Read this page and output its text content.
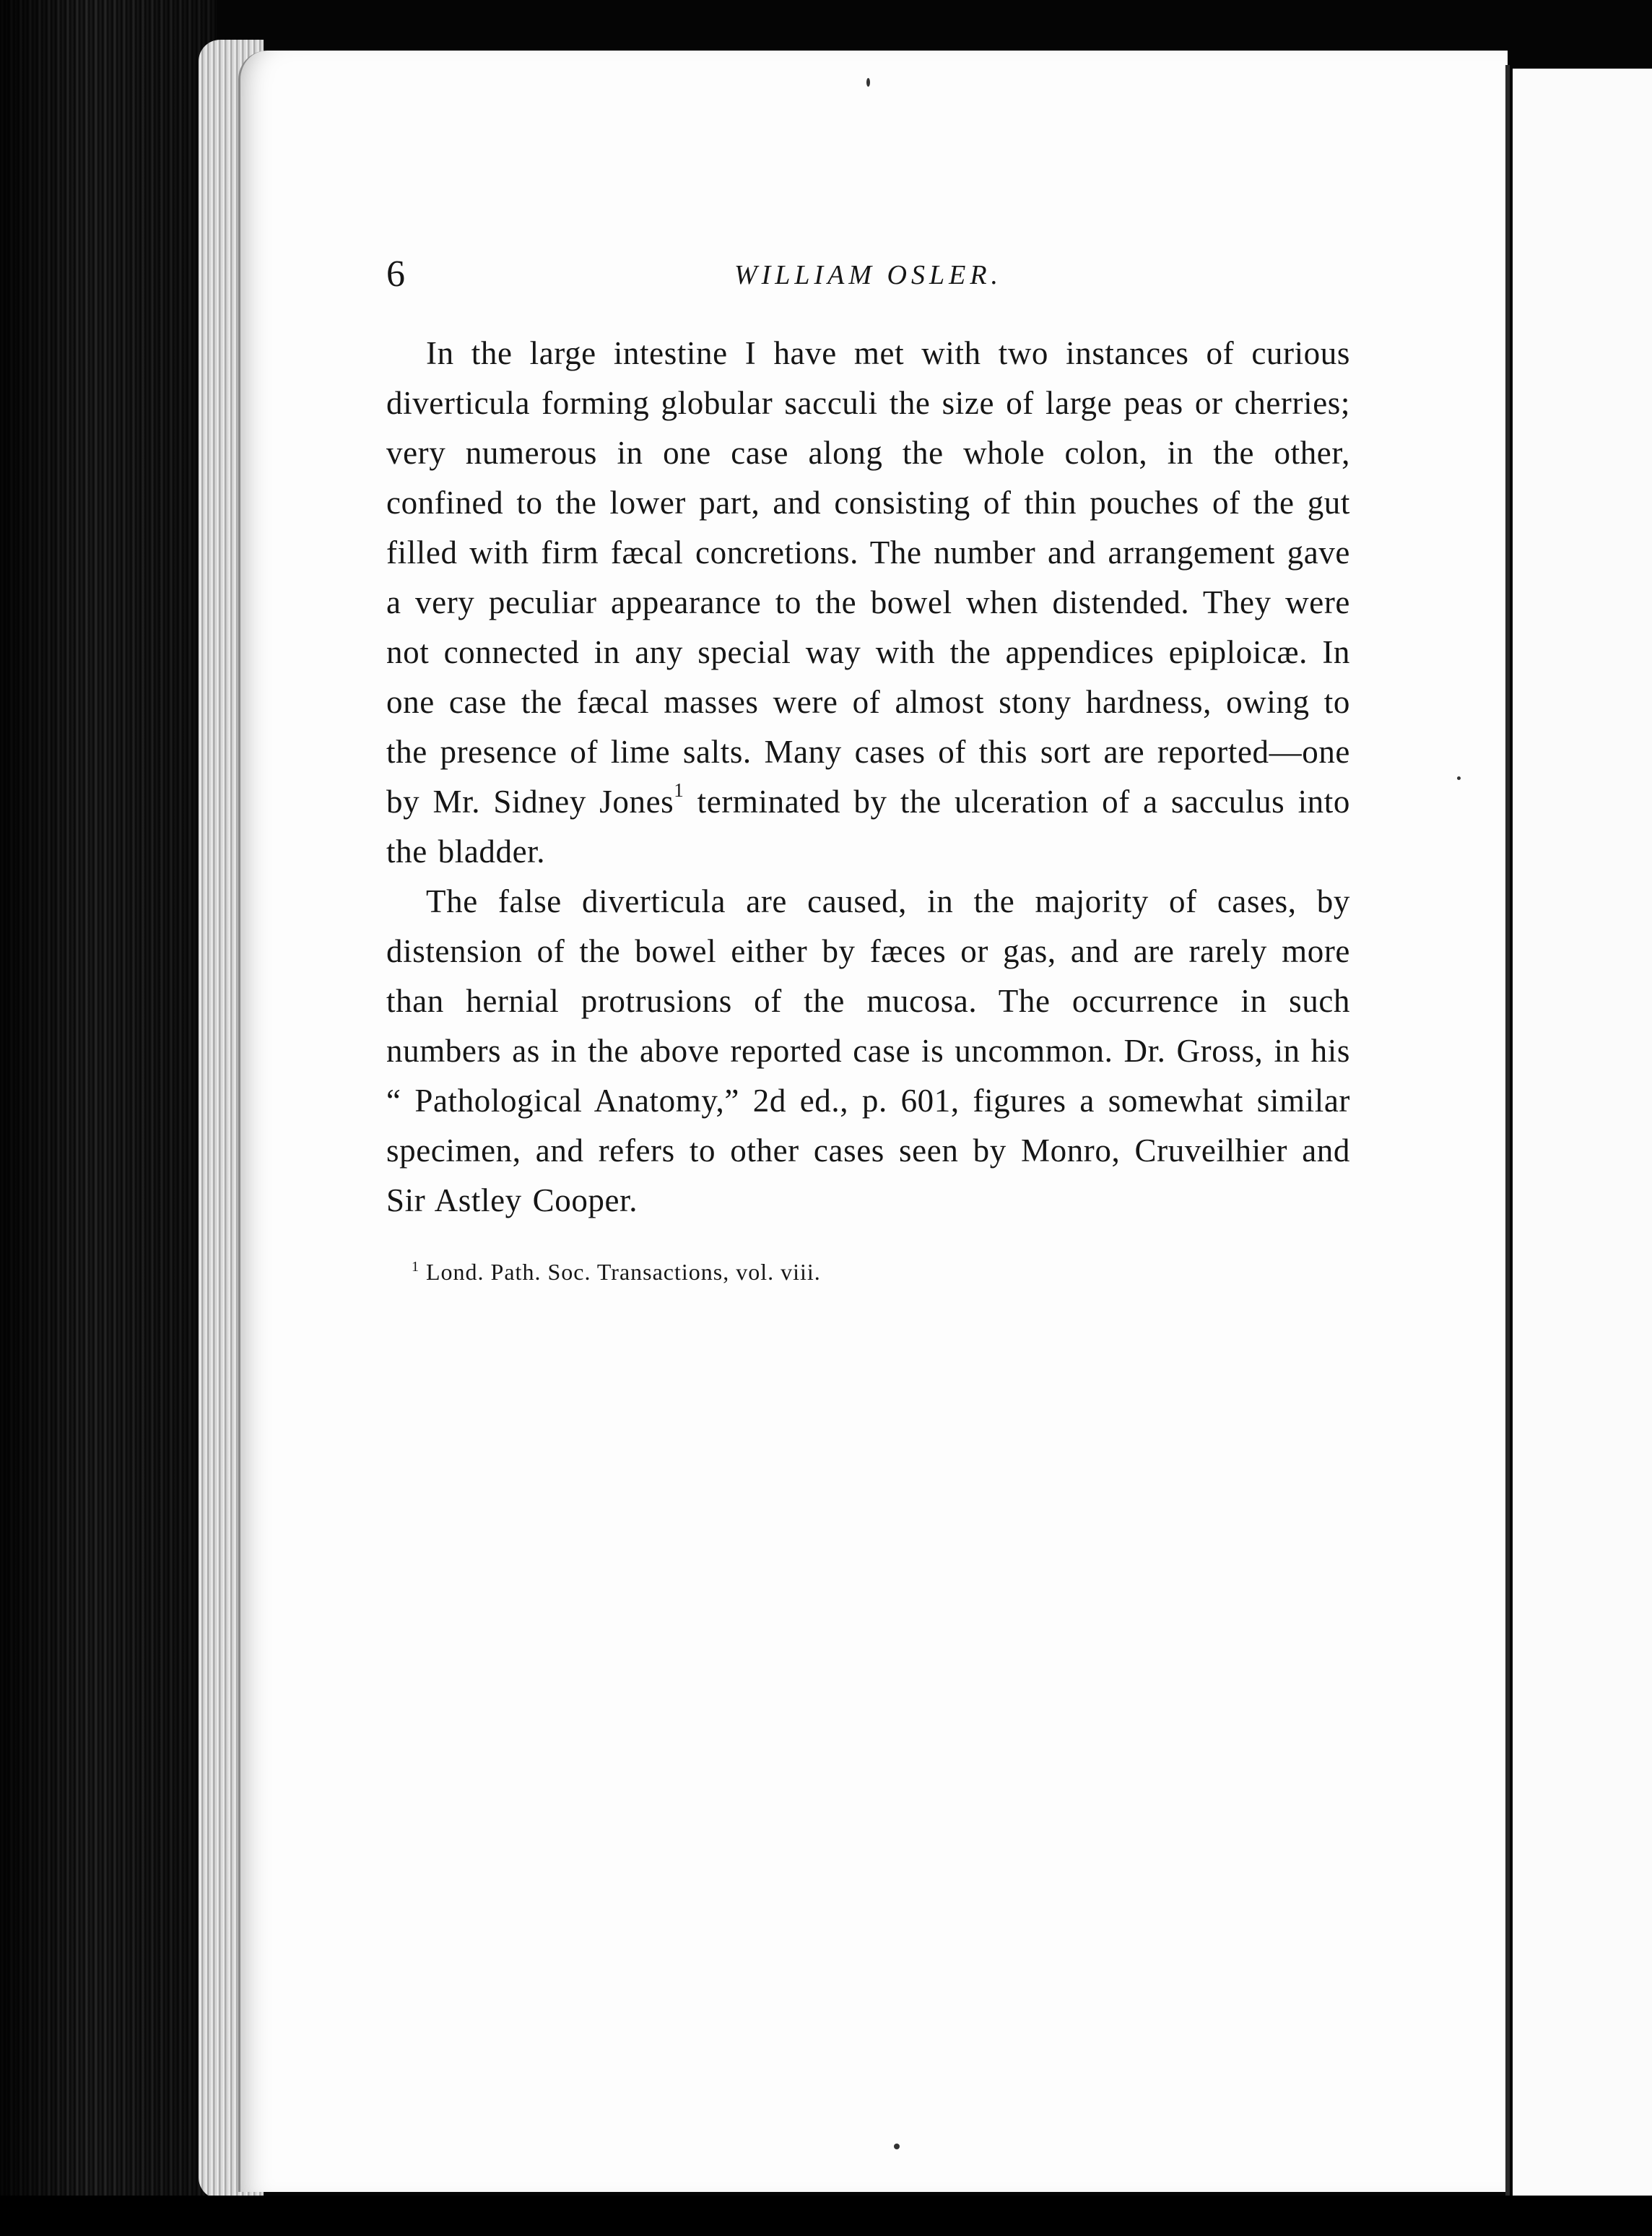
6	WILLIAM OSLER.

In the large intestine I have met with two instances of curious diverticula forming globular sacculi the size of large peas or cherries; very numerous in one case along the whole colon, in the other, confined to the lower part, and consisting of thin pouches of the gut filled with firm fæcal concretions. The number and arrangement gave a very peculiar appearance to the bowel when distended. They were not connected in any special way with the appendices epiploicæ. In one case the fæcal masses were of almost stony hardness, owing to the presence of lime salts. Many cases of this sort are reported—one by Mr. Sidney Jones$^1$ terminated by the ulceration of a sacculus into the bladder.

The false diverticula are caused, in the majority of cases, by distension of the bowel either by fæces or gas, and are rarely more than hernial protrusions of the mucosa. The occurrence in such numbers as in the above reported case is uncommon. Dr. Gross, in his “ Pathological Anatomy,” 2d ed., p. 601, figures a somewhat similar specimen, and refers to other cases seen by Monro, Cruveilhier and Sir Astley Cooper.

$^1$ Lond. Path. Soc. Transactions, vol. viii.
